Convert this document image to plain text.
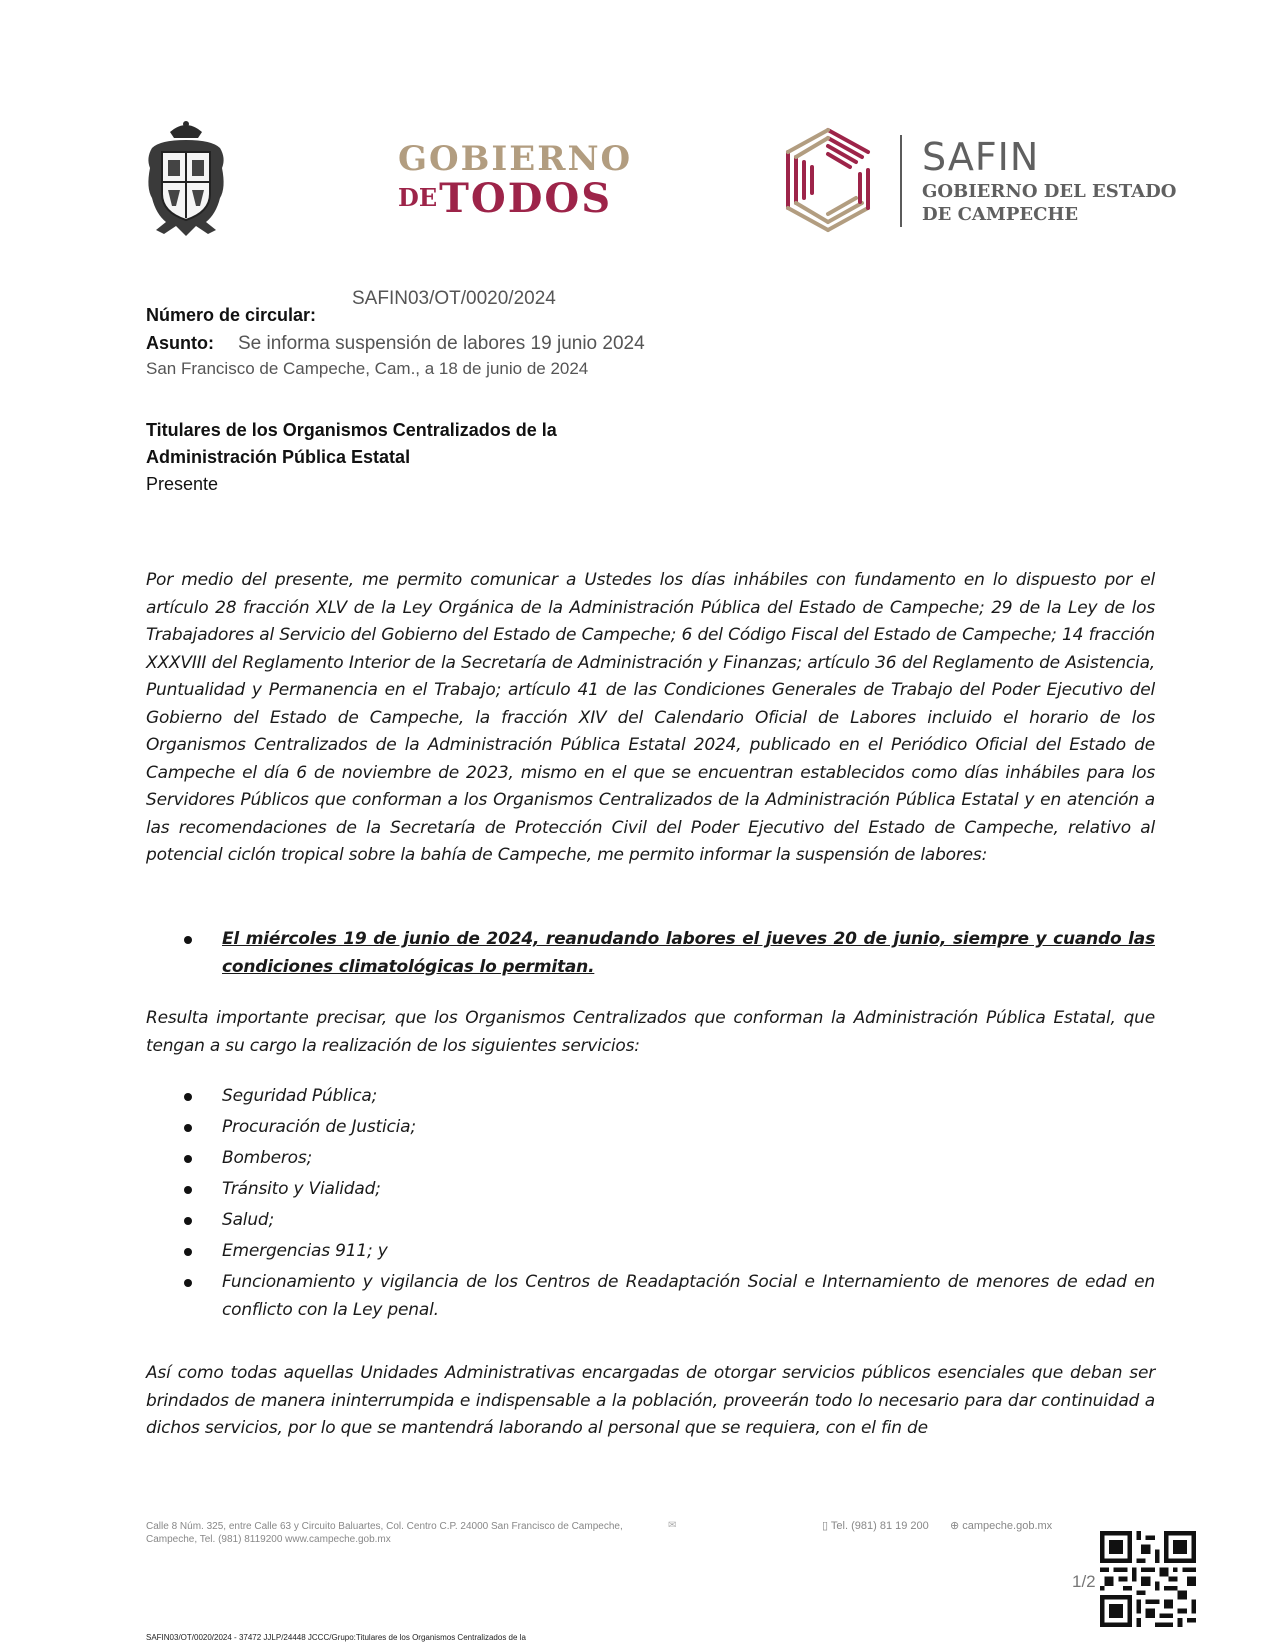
GOBIERNO
DETODOS
SAFIN
GOBIERNO DEL ESTADO
DE CAMPECHE
SAFIN03/OT/0020/2024
Número de circular:
Asunto: Se informa suspensión de labores 19 junio 2024
San Francisco de Campeche, Cam., a 18 de junio de 2024
Titulares de los Organismos Centralizados de la Administración Pública Estatal
Presente
Por medio del presente, me permito comunicar a Ustedes los días inhábiles con fundamento en lo dispuesto por el artículo 28 fracción XLV de la Ley Orgánica de la Administración Pública del Estado de Campeche; 29 de la Ley de los Trabajadores al Servicio del Gobierno del Estado de Campeche; 6 del Código Fiscal del Estado de Campeche; 14 fracción XXXVIII del Reglamento Interior de la Secretaría de Administración y Finanzas; artículo 36 del Reglamento de Asistencia, Puntualidad y Permanencia en el Trabajo; artículo 41 de las Condiciones Generales de Trabajo del Poder Ejecutivo del Gobierno del Estado de Campeche, la fracción XIV del Calendario Oficial de Labores incluido el horario de los Organismos Centralizados de la Administración Pública Estatal 2024, publicado en el Periódico Oficial del Estado de Campeche el día 6 de noviembre de 2023, mismo en el que se encuentran establecidos como días inhábiles para los Servidores Públicos que conforman a los Organismos Centralizados de la Administración Pública Estatal y en atención a las recomendaciones de la Secretaría de Protección Civil del Poder Ejecutivo del Estado de Campeche, relativo al potencial ciclón tropical sobre la bahía de Campeche, me permito informar la suspensión de labores:
El miércoles 19 de junio de 2024, reanudando labores el jueves 20 de junio, siempre y cuando las condiciones climatológicas lo permitan.
Resulta importante precisar, que los Organismos Centralizados que conforman la Administración Pública Estatal, que tengan a su cargo la realización de los siguientes servicios:
Seguridad Pública;
Procuración de Justicia;
Bomberos;
Tránsito y Vialidad;
Salud;
Emergencias 911; y
Funcionamiento y vigilancia de los Centros de Readaptación Social e Internamiento de menores de edad en conflicto con la Ley penal.
Así como todas aquellas Unidades Administrativas encargadas de otorgar servicios públicos esenciales que deban ser brindados de manera ininterrumpida e indispensable a la población, proveerán todo lo necesario para dar continuidad a dichos servicios, por lo que se mantendrá laborando al personal que se requiera, con el fin de
Calle 8 Núm. 325, entre Calle 63 y Circuito Baluartes, Col. Centro C.P. 24000 San Francisco de Campeche, Campeche, Tel. (981) 8119200 www.campeche.gob.mx
✉	▯ Tel. (981) 81 19 200 ⊕ campeche.gob.mx
1/2
SAFIN03/OT/0020/2024 - 37472 JJLP/24448 JCCC/Grupo:Titulares de los Organismos Centralizados de la
